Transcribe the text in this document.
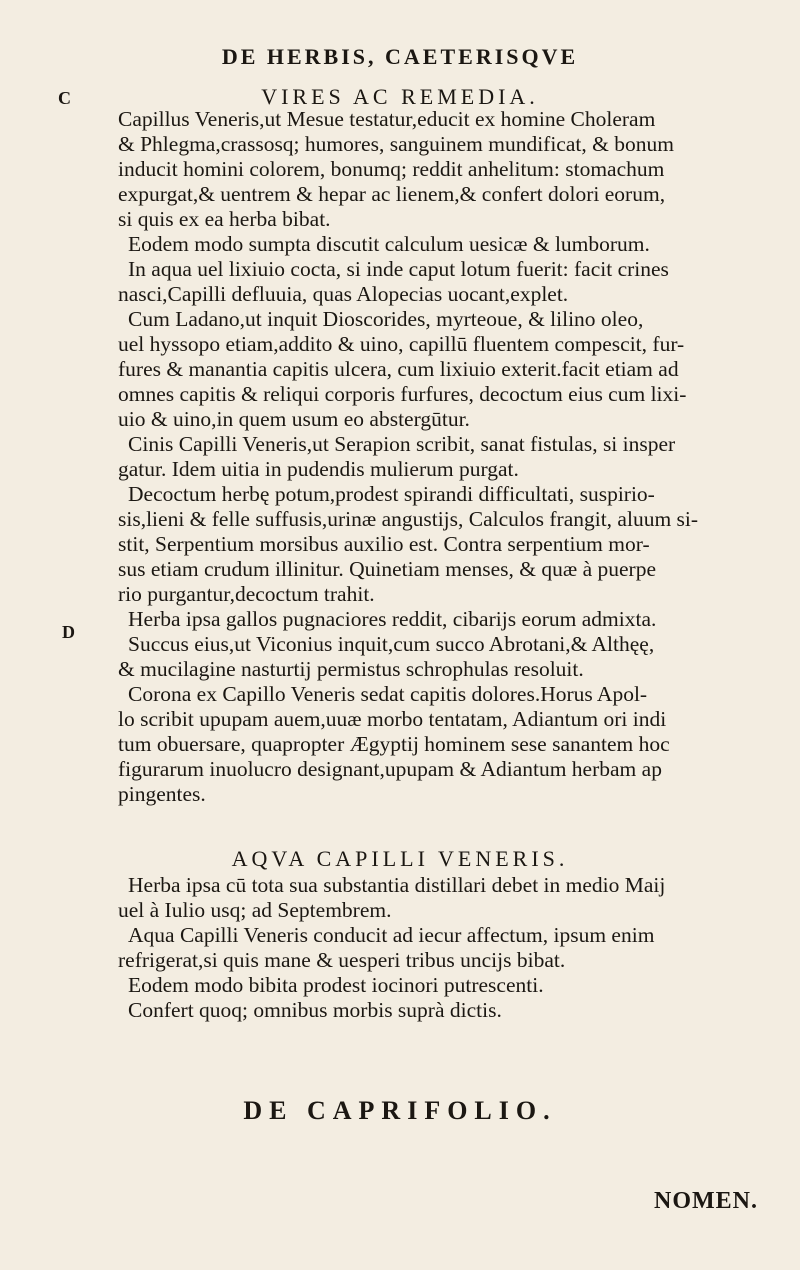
DE HERBIS, CAETERISQVE
C
D
VIRES AC REMEDIA.
Capillus Veneris,ut Mesue testatur,educit ex homine Choleram
& Phlegma,crassosq; humores, sanguinem mundificat, & bonum
inducit homini colorem, bonumq; reddit anhelitum: stomachum
expurgat,& uentrem & hepar ac lienem,& confert dolori eorum,
si quis ex ea herba bibat.
Eodem modo sumpta discutit calculum uesicæ & lumborum.
In aqua uel lixiuio cocta, si inde caput lotum fuerit: facit crines
nasci,Capilli defluuia, quas Alopecias uocant,explet.
Cum Ladano,ut inquit Dioscorides, myrteoue, & lilino oleo,
uel hyssopo etiam,addito & uino, capillū fluentem compescit, fur-
fures & manantia capitis ulcera, cum lixiuio exterit.facit etiam ad
omnes capitis & reliqui corporis furfures, decoctum eius cum lixi-
uio & uino,in quem usum eo abstergūtur.
Cinis Capilli Veneris,ut Serapion scribit, sanat fistulas, si insper
gatur. Idem uitia in pudendis mulierum purgat.
Decoctum herbę potum,prodest spirandi difficultati, suspirio-
sis,lieni & felle suffusis,urinæ angustijs, Calculos frangit, aluum si-
stit, Serpentium morsibus auxilio est. Contra serpentium mor-
sus etiam crudum illinitur. Quinetiam menses, & quæ à puerpe
rio purgantur,decoctum trahit.
Herba ipsa gallos pugnaciores reddit, cibarijs eorum admixta.
Succus eius,ut Viconius inquit,cum succo Abrotani,& Althęę,
& mucilagine nasturtij permistus schrophulas resoluit.
Corona ex Capillo Veneris sedat capitis dolores.Horus Apol-
lo scribit upupam auem,uuæ morbo tentatam, Adiantum ori indi
tum obuersare, quapropter Ægyptij hominem sese sanantem hoc
figurarum inuolucro designant,upupam & Adiantum herbam ap
pingentes.
AQVA CAPILLI VENERIS.
Herba ipsa cū tota sua substantia distillari debet in medio Maij
uel à Iulio usq; ad Septembrem.
Aqua Capilli Veneris conducit ad iecur affectum, ipsum enim
refrigerat,si quis mane & uesperi tribus uncijs bibat.
Eodem modo bibita prodest iocinori putrescenti.
Confert quoq; omnibus morbis suprà dictis.
DE CAPRIFOLIO.
NOMEN.
